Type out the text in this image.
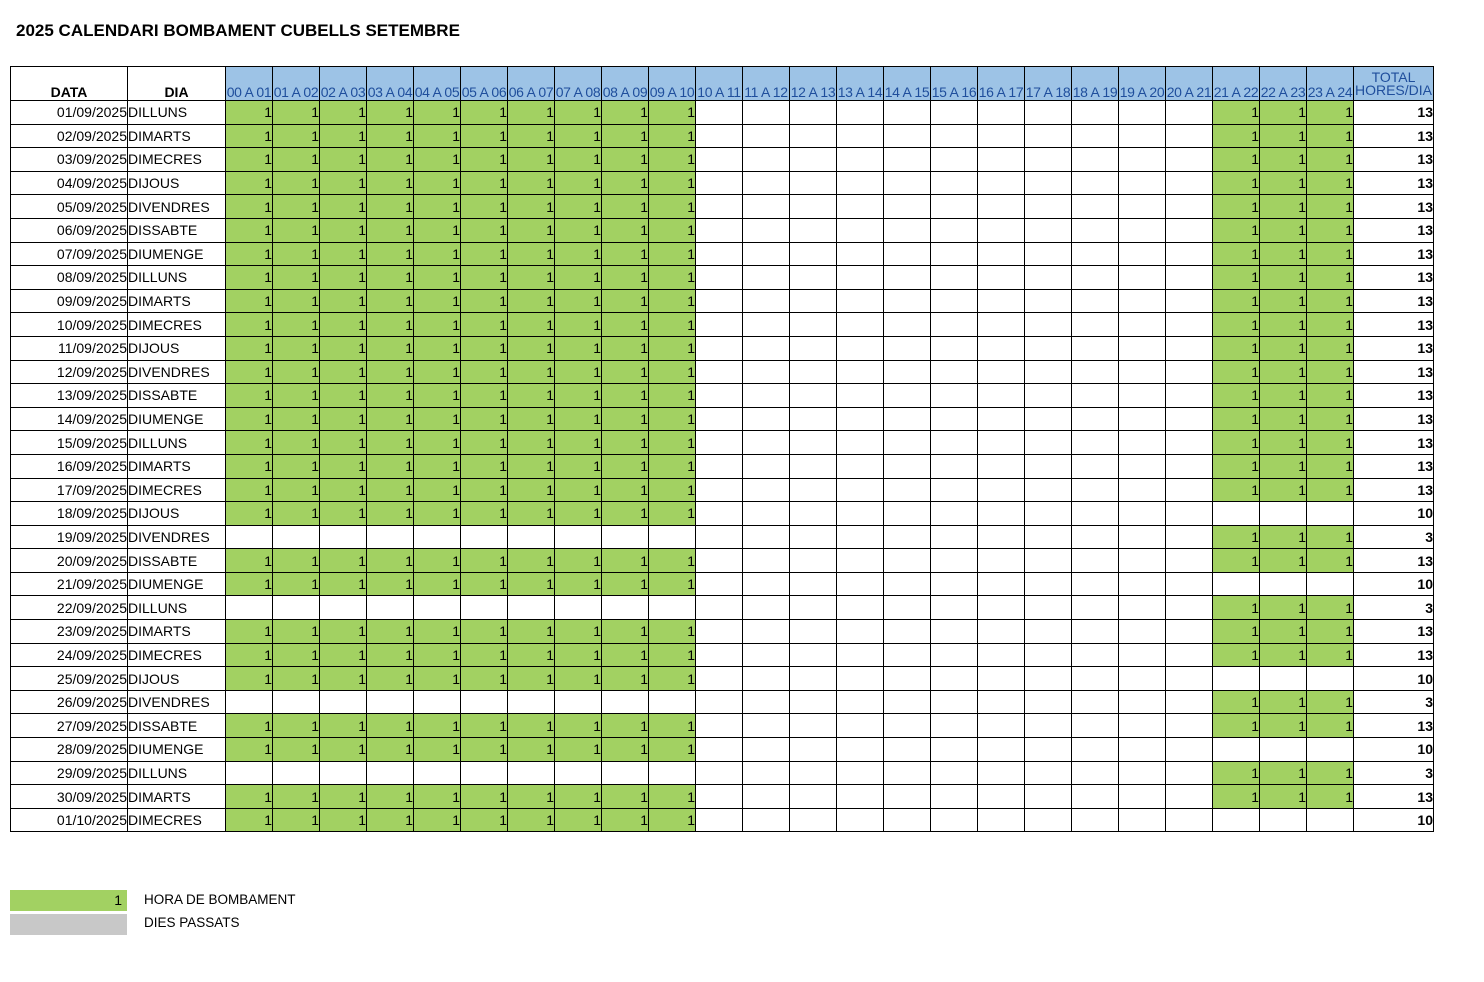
2025 CALENDARI BOMBAMENT CUBELLS SETEMBRE
DATA	DIA	00 A 01	01 A 02	02 A 03	03 A 04	04 A 05	05 A 06	06 A 07	07 A 08	08 A 09	09 A 10	10 A 11	11 A 12	12 A 13	13 A 14	14 A 15	15 A 16	16 A 17	17 A 18	18 A 19	19 A 20	20 A 21	21 A 22	22 A 23	23 A 24	TOTAL
HORES/DIA
01/09/2025	DILLUNS	1	1	1	1	1	1	1	1	1	1												1	1	1	13
02/09/2025	DIMARTS	1	1	1	1	1	1	1	1	1	1												1	1	1	13
03/09/2025	DIMECRES	1	1	1	1	1	1	1	1	1	1												1	1	1	13
04/09/2025	DIJOUS	1	1	1	1	1	1	1	1	1	1												1	1	1	13
05/09/2025	DIVENDRES	1	1	1	1	1	1	1	1	1	1												1	1	1	13
06/09/2025	DISSABTE	1	1	1	1	1	1	1	1	1	1												1	1	1	13
07/09/2025	DIUMENGE	1	1	1	1	1	1	1	1	1	1												1	1	1	13
08/09/2025	DILLUNS	1	1	1	1	1	1	1	1	1	1												1	1	1	13
09/09/2025	DIMARTS	1	1	1	1	1	1	1	1	1	1												1	1	1	13
10/09/2025	DIMECRES	1	1	1	1	1	1	1	1	1	1												1	1	1	13
11/09/2025	DIJOUS	1	1	1	1	1	1	1	1	1	1												1	1	1	13
12/09/2025	DIVENDRES	1	1	1	1	1	1	1	1	1	1												1	1	1	13
13/09/2025	DISSABTE	1	1	1	1	1	1	1	1	1	1												1	1	1	13
14/09/2025	DIUMENGE	1	1	1	1	1	1	1	1	1	1												1	1	1	13
15/09/2025	DILLUNS	1	1	1	1	1	1	1	1	1	1												1	1	1	13
16/09/2025	DIMARTS	1	1	1	1	1	1	1	1	1	1												1	1	1	13
17/09/2025	DIMECRES	1	1	1	1	1	1	1	1	1	1												1	1	1	13
18/09/2025	DIJOUS	1	1	1	1	1	1	1	1	1	1															10
19/09/2025	DIVENDRES																						1	1	1	3
20/09/2025	DISSABTE	1	1	1	1	1	1	1	1	1	1												1	1	1	13
21/09/2025	DIUMENGE	1	1	1	1	1	1	1	1	1	1															10
22/09/2025	DILLUNS																						1	1	1	3
23/09/2025	DIMARTS	1	1	1	1	1	1	1	1	1	1												1	1	1	13
24/09/2025	DIMECRES	1	1	1	1	1	1	1	1	1	1												1	1	1	13
25/09/2025	DIJOUS	1	1	1	1	1	1	1	1	1	1															10
26/09/2025	DIVENDRES																						1	1	1	3
27/09/2025	DISSABTE	1	1	1	1	1	1	1	1	1	1												1	1	1	13
28/09/2025	DIUMENGE	1	1	1	1	1	1	1	1	1	1															10
29/09/2025	DILLUNS																						1	1	1	3
30/09/2025	DIMARTS	1	1	1	1	1	1	1	1	1	1												1	1	1	13
01/10/2025	DIMECRES	1	1	1	1	1	1	1	1	1	1															10
1 HORA DE BOMBAMENT
DIES PASSATS
